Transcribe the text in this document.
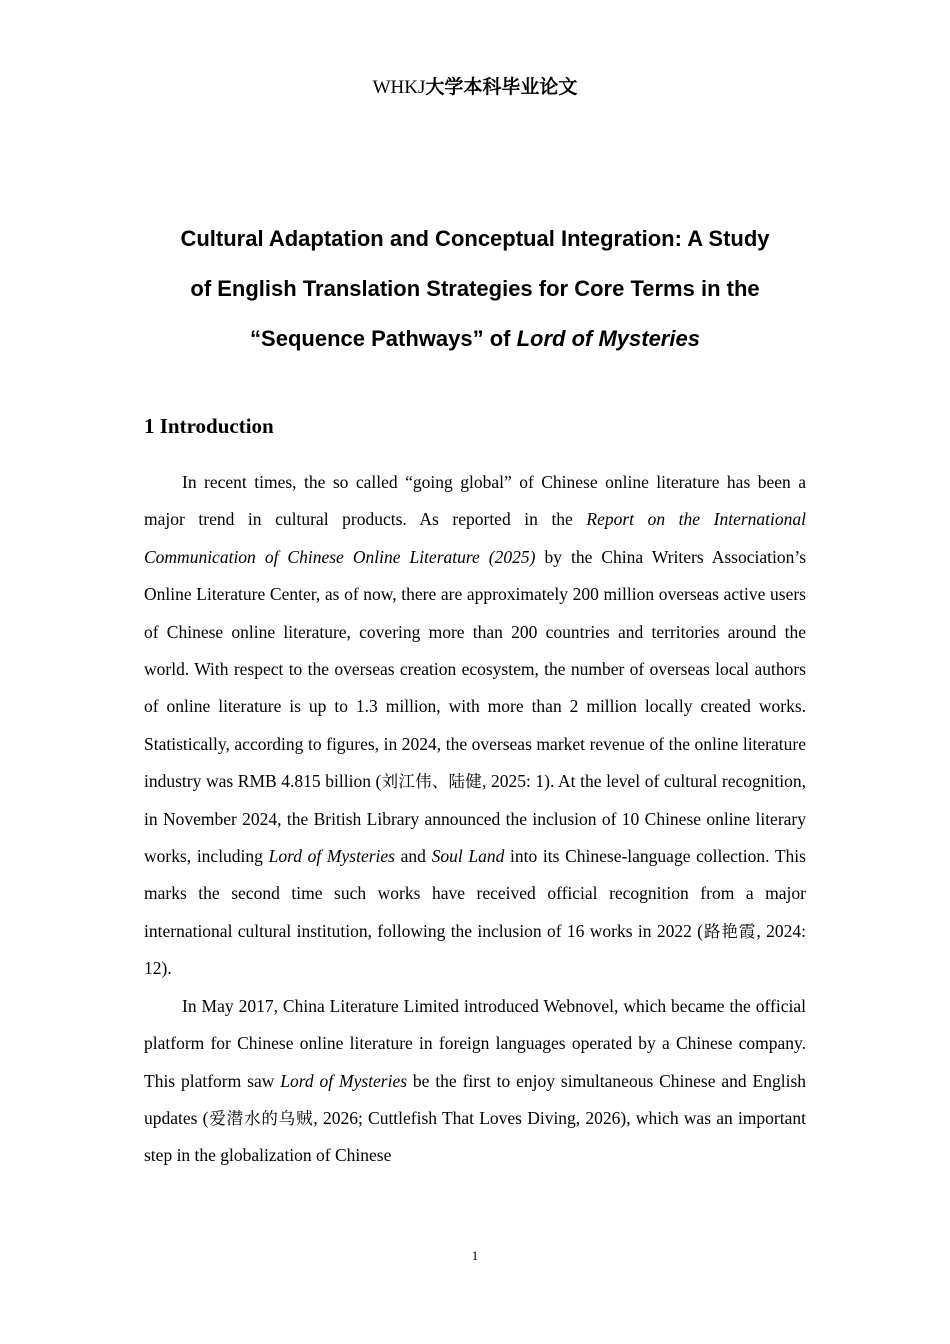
WHKJ大学本科毕业论文
Cultural Adaptation and Conceptual Integration: A Study
of English Translation Strategies for Core Terms in the
“Sequence Pathways” of Lord of Mysteries
1 Introduction

In recent times, the so called “going global” of Chinese online literature has been a major trend in cultural products. As reported in the Report on the International Communication of Chinese Online Literature (2025) by the China Writers Association’s Online Literature Center, as of now, there are approximately 200 million overseas active users of Chinese online literature, covering more than 200 countries and territories around the world. With respect to the overseas creation ecosystem, the number of overseas local authors of online literature is up to 1.3 million, with more than 2 million locally created works. Statistically, according to figures, in 2024, the overseas market revenue of the online literature industry was RMB 4.815 billion (刘江伟、陆健, 2025: 1). At the level of cultural recognition, in November 2024, the British Library announced the inclusion of 10 Chinese online literary works, including Lord of Mysteries and Soul Land into its Chinese-language collection. This marks the second time such works have received official recognition from a major international cultural institution, following the inclusion of 16 works in 2022 (路艳霞, 2024: 12).

In May 2017, China Literature Limited introduced Webnovel, which became the official platform for Chinese online literature in foreign languages operated by a Chinese company. This platform saw Lord of Mysteries be the first to enjoy simultaneous Chinese and English updates (爱潜水的乌贼, 2026; Cuttlefish That Loves Diving, 2026), which was an important step in the globalization of Chinese

1
